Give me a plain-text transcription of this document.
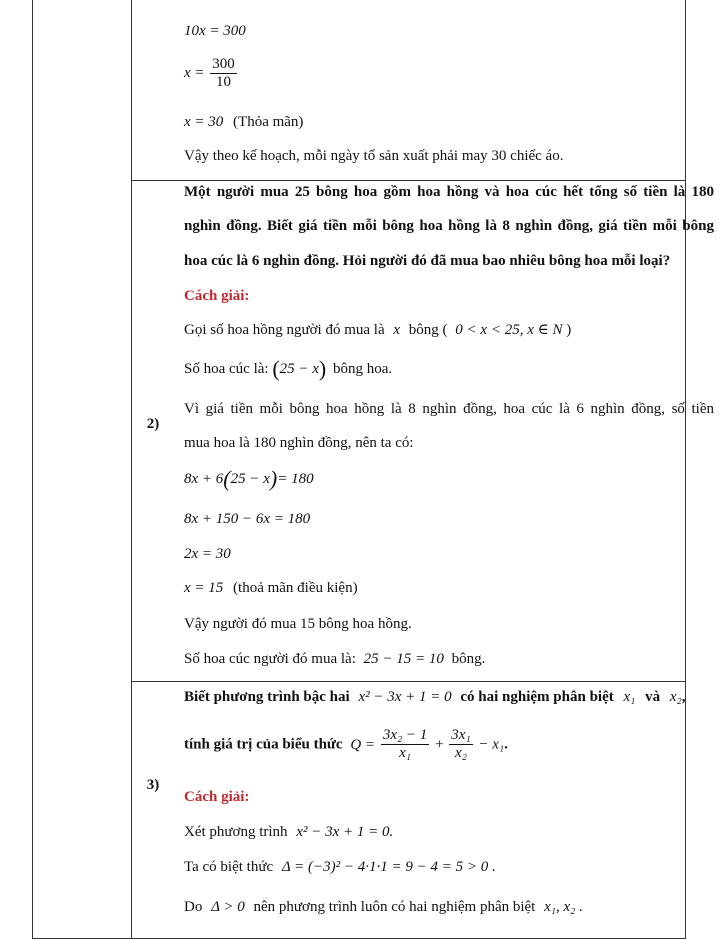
10x = 300
$x = \frac{300}{10}$
x = 30 (Thỏa mãn)
Vậy theo kế hoạch, mỗi ngày tổ sản xuất phải may 30 chiếc áo.
2)
Một người mua 25 bông hoa gồm hoa hồng và hoa cúc hết tổng số tiền là 180
nghìn đồng. Biết giá tiền mỗi bông hoa hồng là 8 nghìn đồng, giá tiền mỗi bông
hoa cúc là 6 nghìn đồng. Hỏi người đó đã mua bao nhiêu bông hoa mỗi loại?
Cách giải:
Gọi số hoa hồng người đó mua là x bông ( 0 < x < 25, x ∈ N )
Số hoa cúc là: (25 − x) bông hoa.
Vì giá tiền mỗi bông hoa hồng là 8 nghìn đồng, hoa cúc là 6 nghìn đồng, số tiền
mua hoa là 180 nghìn đồng, nên ta có:
8x + 6(25 − x)= 180
8x + 150 − 6x = 180
2x = 30
x = 15 (thoả mãn điều kiện)
Vậy người đó mua 15 bông hoa hồng.
Số hoa cúc người đó mua là: 25 − 15 = 10 bông.
3)
Biết phương trình bậc hai x² − 3x + 1 = 0 có hai nghiệm phân biệt x₁ và x₂,
tính giá trị của biểu thức $Q = \frac{\text{3x₂ − 1}}{\text{x₁}} + \frac{\text{3x₁}}{\text{x₂}} - x_1$.
Cách giải:
Xét phương trình x² − 3x + 1 = 0.
Ta có biệt thức Δ = (−3)² − 4·1·1 = 9 − 4 = 5 > 0 .
Do Δ > 0 nên phương trình luôn có hai nghiệm phân biệt x₁, x₂ .
